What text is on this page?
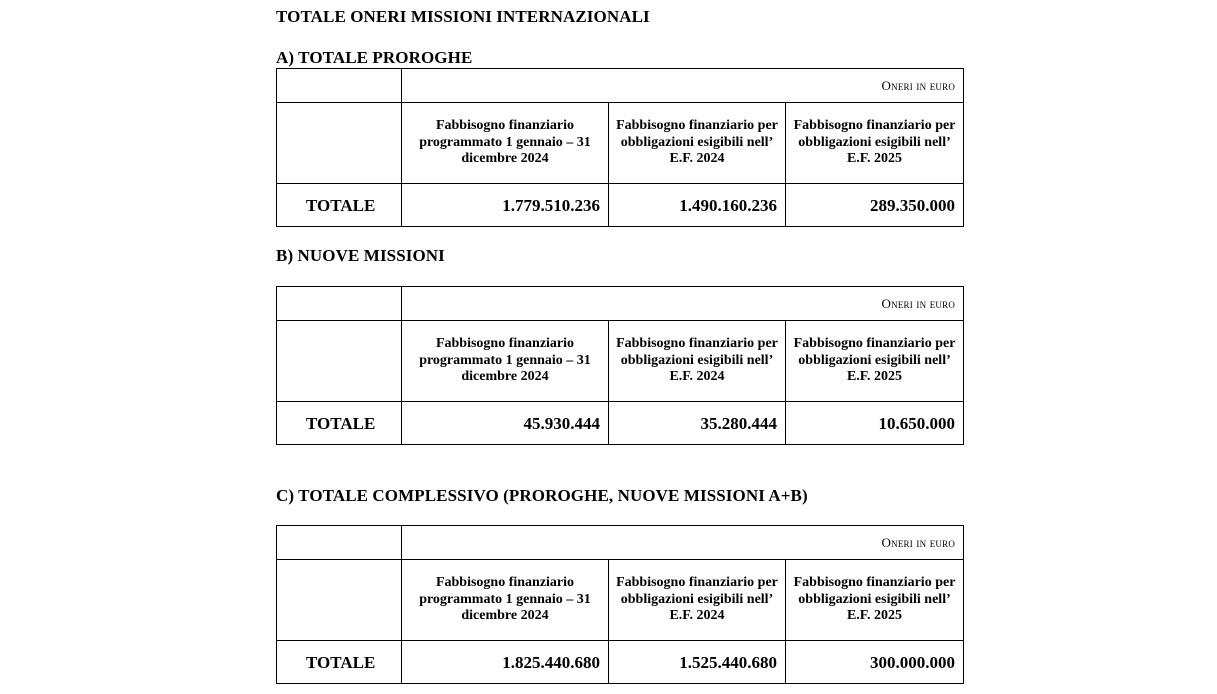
TOTALE ONERI MISSIONI INTERNAZIONALI
A) TOTALE PROROGHE
	Oneri in euro		
	Fabbisogno finanziario programmato 1 gennaio – 31 dicembre 2024	Fabbisogno finanziario per obbligazioni esigibili nell’ E.F. 2024	Fabbisogno finanziario per obbligazioni esigibili nell’ E.F. 2025
TOTALE	1.779.510.236	1.490.160.236	289.350.000
B) NUOVE MISSIONI
	Oneri in euro		
	Fabbisogno finanziario programmato 1 gennaio – 31 dicembre 2024	Fabbisogno finanziario per obbligazioni esigibili nell’ E.F. 2024	Fabbisogno finanziario per obbligazioni esigibili nell’ E.F. 2025
TOTALE	45.930.444	35.280.444	10.650.000
C) TOTALE COMPLESSIVO (PROROGHE, NUOVE MISSIONI A+B)
	Oneri in euro		
	Fabbisogno finanziario programmato 1 gennaio – 31 dicembre 2024	Fabbisogno finanziario per obbligazioni esigibili nell’ E.F. 2024	Fabbisogno finanziario per obbligazioni esigibili nell’ E.F. 2025
TOTALE	1.825.440.680	1.525.440.680	300.000.000
